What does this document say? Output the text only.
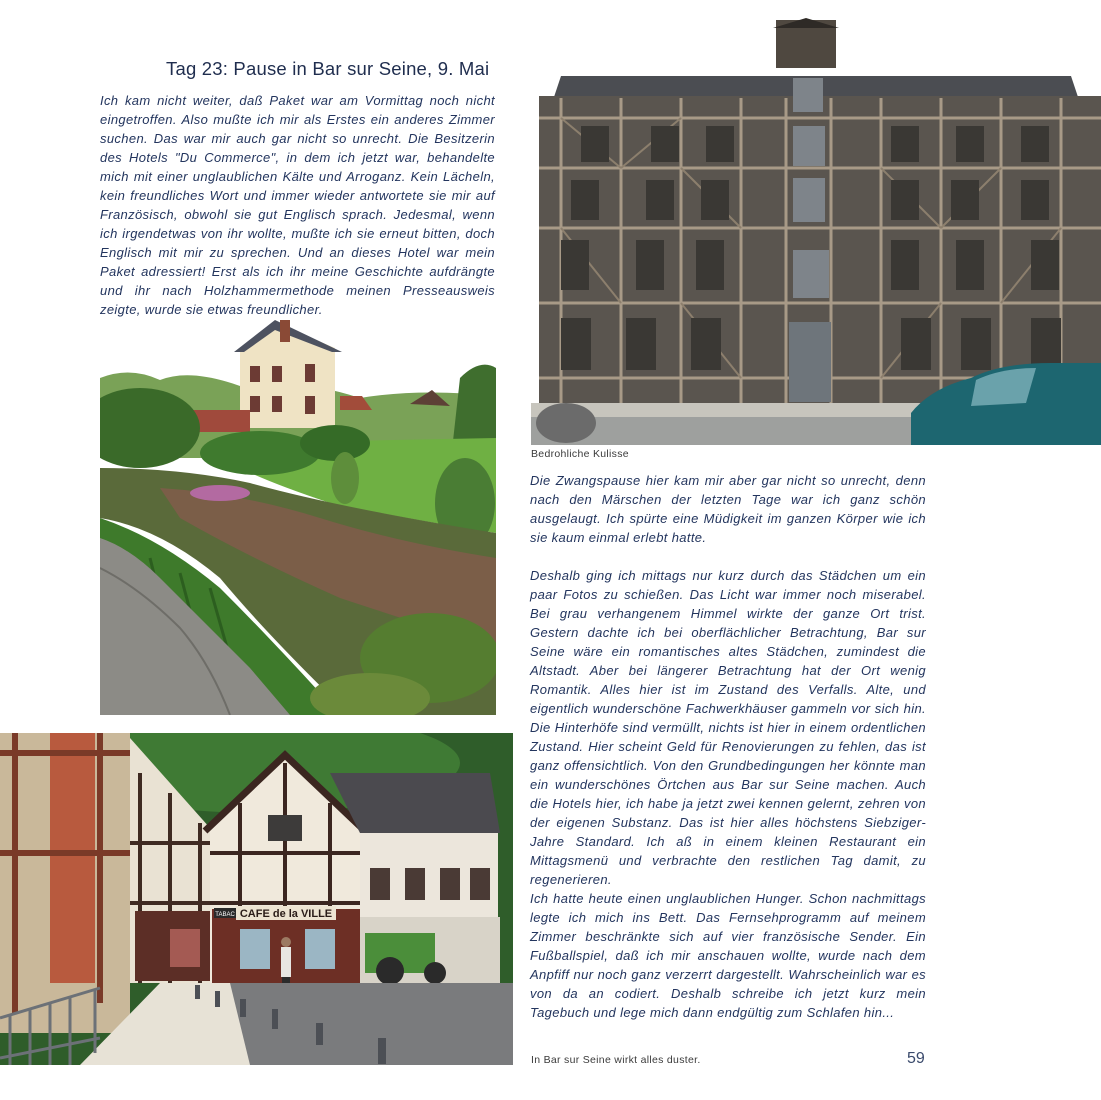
Tag 23: Pause in Bar sur Seine, 9. Mai

Ich kam nicht weiter, daß Paket war am Vormittag noch nicht eingetroffen. Also mußte ich mir als Erstes ein anderes Zimmer suchen. Das war mir auch gar nicht so unrecht. Die Besitzerin des Hotels "Du Commerce", in dem ich jetzt war, behandelte mich mit einer unglaublichen Kälte und Arroganz. Kein Lächeln, kein freundliches Wort und immer wieder antwortete sie mir auf Französisch, obwohl sie gut Englisch sprach. Jedesmal, wenn ich irgendetwas von ihr wollte, mußte ich sie erneut bitten, doch Englisch mit mir zu sprechen. Und an dieses Hotel war mein Paket adressiert! Erst als ich ihr meine Geschichte aufdrängte und ihr nach Holzhammermethode meinen Presseausweis zeigte, wurde sie etwas freundlicher.

Bedrohliche Kulisse

Die Zwangspause hier kam mir aber gar nicht so unrecht, denn nach den Märschen der letzten Tage war ich ganz schön ausgelaugt. Ich spürte eine Müdigkeit im ganzen Körper wie ich sie kaum einmal erlebt hatte.

Deshalb ging ich mittags nur kurz durch das Städchen um ein paar Fotos zu schießen. Das Licht war immer noch miserabel. Bei grau verhangenem Himmel wirkte der ganze Ort trist. Gestern dachte ich bei oberflächlicher Betrachtung, Bar sur Seine wäre ein romantisches altes Städchen, zumindest die Altstadt. Aber bei längerer Betrachtung hat der Ort wenig Romantik. Alles hier ist im Zustand des Verfalls. Alte, und eigentlich wunderschöne Fachwerkhäuser gammeln vor sich hin. Die Hinterhöfe sind vermüllt, nichts ist hier in einem ordentlichen Zustand. Hier scheint Geld für Renovierungen zu fehlen, das ist ganz offensichtlich. Von den Grundbedingungen her könnte man ein wunderschönes Örtchen aus Bar sur Seine machen. Auch die Hotels hier, ich habe ja jetzt zwei kennen gelernt, zehren von der eigenen Substanz. Das ist hier alles höchstens Siebziger-Jahre Standard. Ich aß in einem kleinen Restaurant ein Mittagsmenü und verbrachte den restlichen Tag damit, zu regenerieren.

Ich hatte heute einen unglaublichen Hunger. Schon nachmittags legte ich mich ins Bett. Das Fernsehprogramm auf meinem Zimmer beschränkte sich auf vier französische Sender. Ein Fußballspiel, daß ich mir anschauen wollte, wurde nach dem Anpfiff nur noch ganz verzerrt dargestellt. Wahrscheinlich war es von da an codiert. Deshalb schreibe ich jetzt kurz mein Tagebuch und lege mich dann endgültig zum Schlafen hin...

CAFE de la VILLE
TABAC
In Bar sur Seine wirkt alles duster.	59
